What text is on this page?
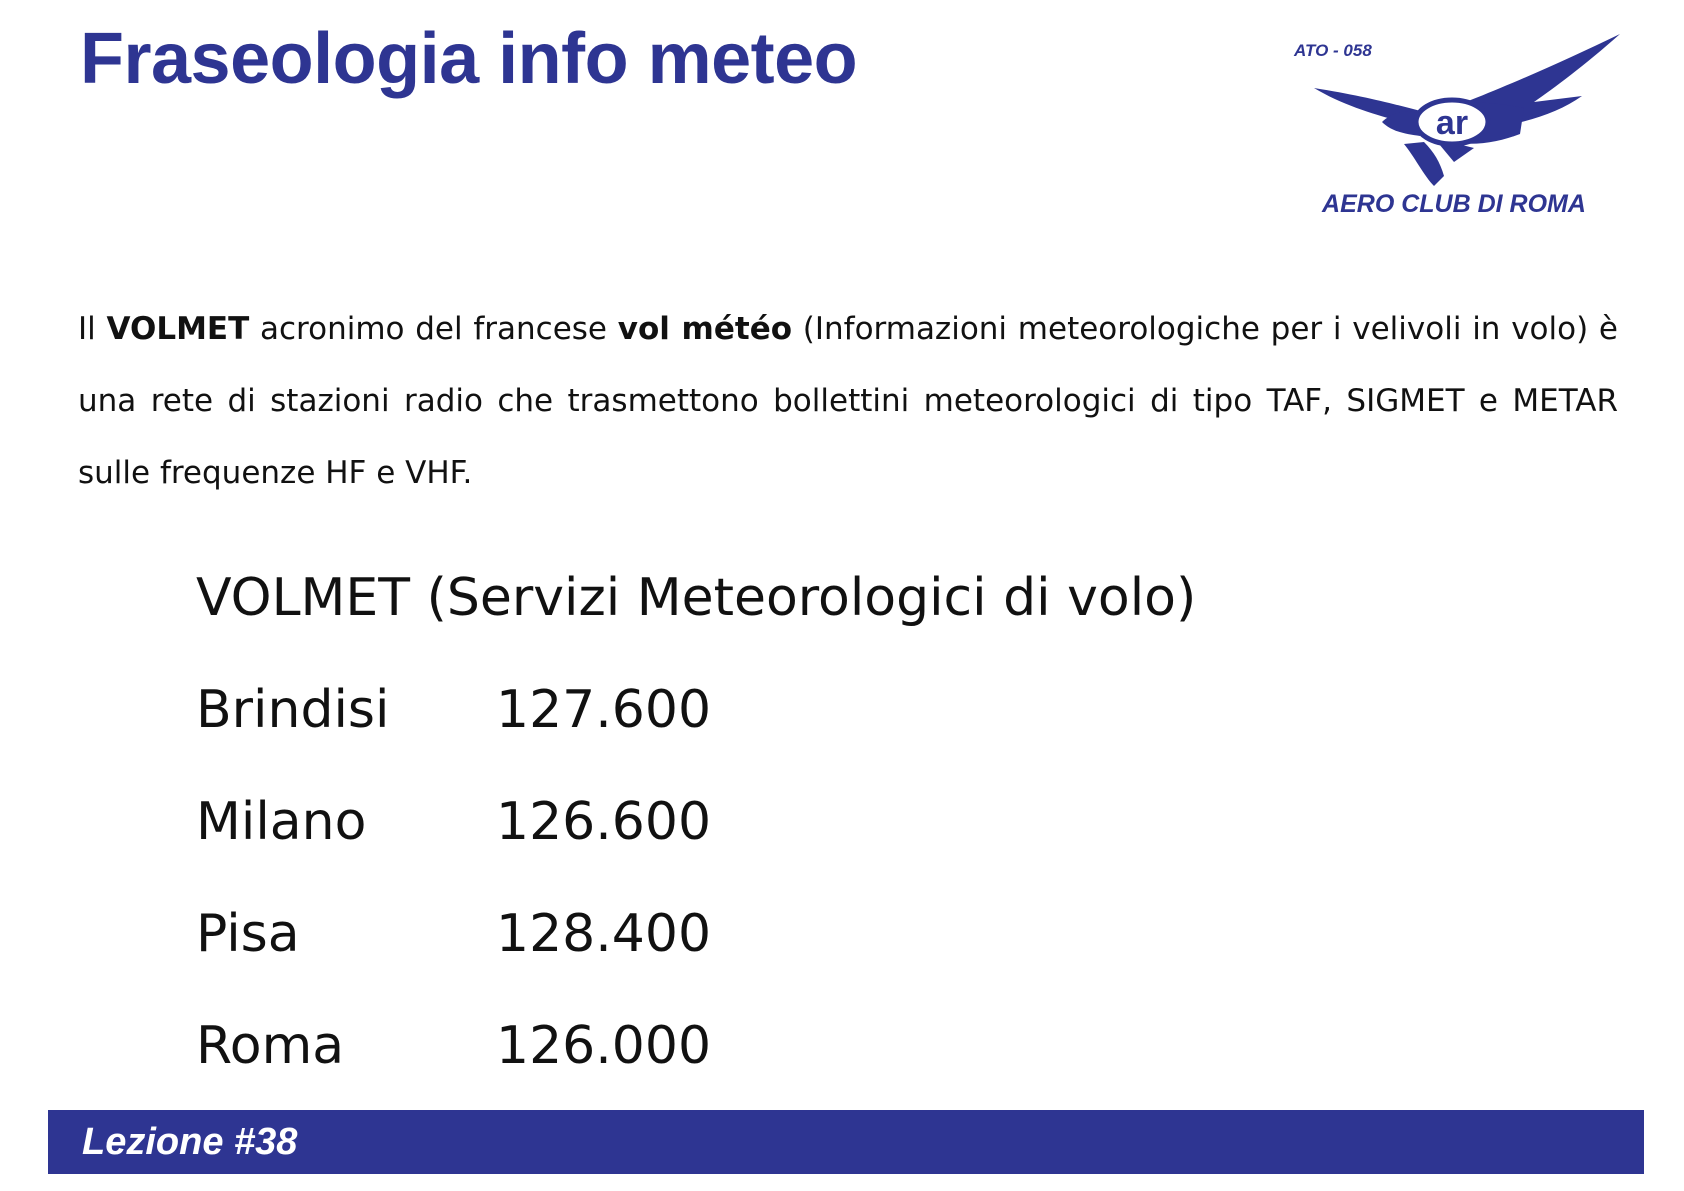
Fraseologia info meteo	ATO - 058
ar
AERO CLUB DI ROMA

Il VOLMET acronimo del francese vol météo (Informazioni meteorologiche per i velivoli in volo) è una rete di stazioni radio che trasmettono bollettini meteorologici di tipo TAF, SIGMET e METAR sulle frequenze HF e VHF.

VOLMET (Servizi Meteorologici di volo)
Brindisi 127.600
Milano 126.600
Pisa	128.400
Roma	126.000
Lezione #38
